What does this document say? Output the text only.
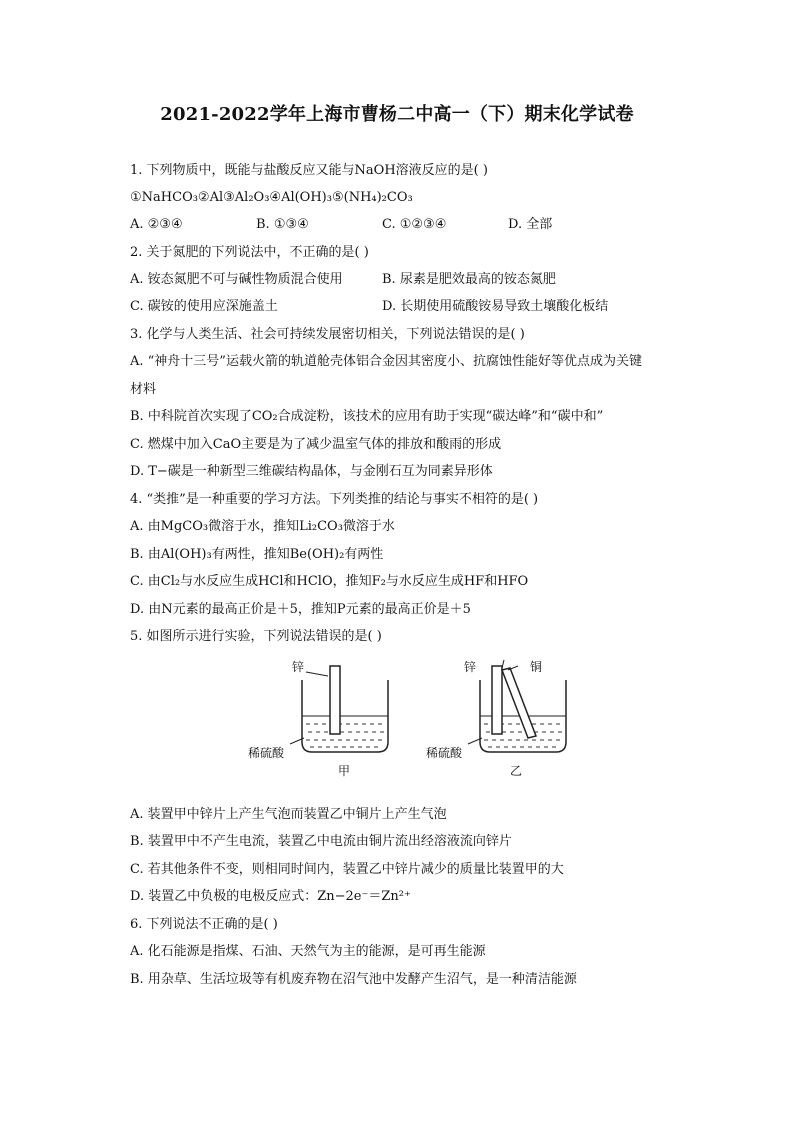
2021-2022学年上海市曹杨二中高一（下）期末化学试卷
1. 下列物质中，既能与盐酸反应又能与NaOH溶液反应的是( )
①NaHCO₃②Al③Al₂O₃④Al(OH)₃⑤(NH₄)₂CO₃
A. ②③④	B. ①③④	C. ①②③④	D. 全部
2. 关于氮肥的下列说法中，不正确的是( )
A. 铵态氮肥不可与碱性物质混合使用	B. 尿素是肥效最高的铵态氮肥
C. 碳铵的使用应深施盖土	D. 长期使用硫酸铵易导致土壤酸化板结
3. 化学与人类生活、社会可持续发展密切相关，下列说法错误的是( )
A. “神舟十三号”运载火箭的轨道舱壳体铝合金因其密度小、抗腐蚀性能好等优点成为关键
材料
B. 中科院首次实现了CO₂合成淀粉，该技术的应用有助于实现“碳达峰”和“碳中和”
C. 燃煤中加入CaO主要是为了减少温室气体的排放和酸雨的形成
D. T−碳是一种新型三维碳结构晶体，与金刚石互为同素异形体
4. “类推”是一种重要的学习方法。下列类推的结论与事实不相符的是( )
A. 由MgCO₃微溶于水，推知Li₂CO₃微溶于水
B. 由Al(OH)₃有两性，推知Be(OH)₂有两性
C. 由Cl₂与水反应生成HCl和HClO，推知F₂与水反应生成HF和HFO
D. 由N元素的最高正价是＋5，推知P元素的最高正价是＋5
5. 如图所示进行实验，下列说法错误的是( )
锌
稀硫酸
甲
锌	铜
稀硫酸
乙
A. 装置甲中锌片上产生气泡而装置乙中铜片上产生气泡
B. 装置甲中不产生电流，装置乙中电流由铜片流出经溶液流向锌片
C. 若其他条件不变，则相同时间内，装置乙中锌片减少的质量比装置甲的大
D. 装置乙中负极的电极反应式：Zn−2e⁻＝Zn²⁺
6. 下列说法不正确的是( )
A. 化石能源是指煤、石油、天然气为主的能源，是可再生能源
B. 用杂草、生活垃圾等有机废弃物在沼气池中发酵产生沼气，是一种清洁能源
